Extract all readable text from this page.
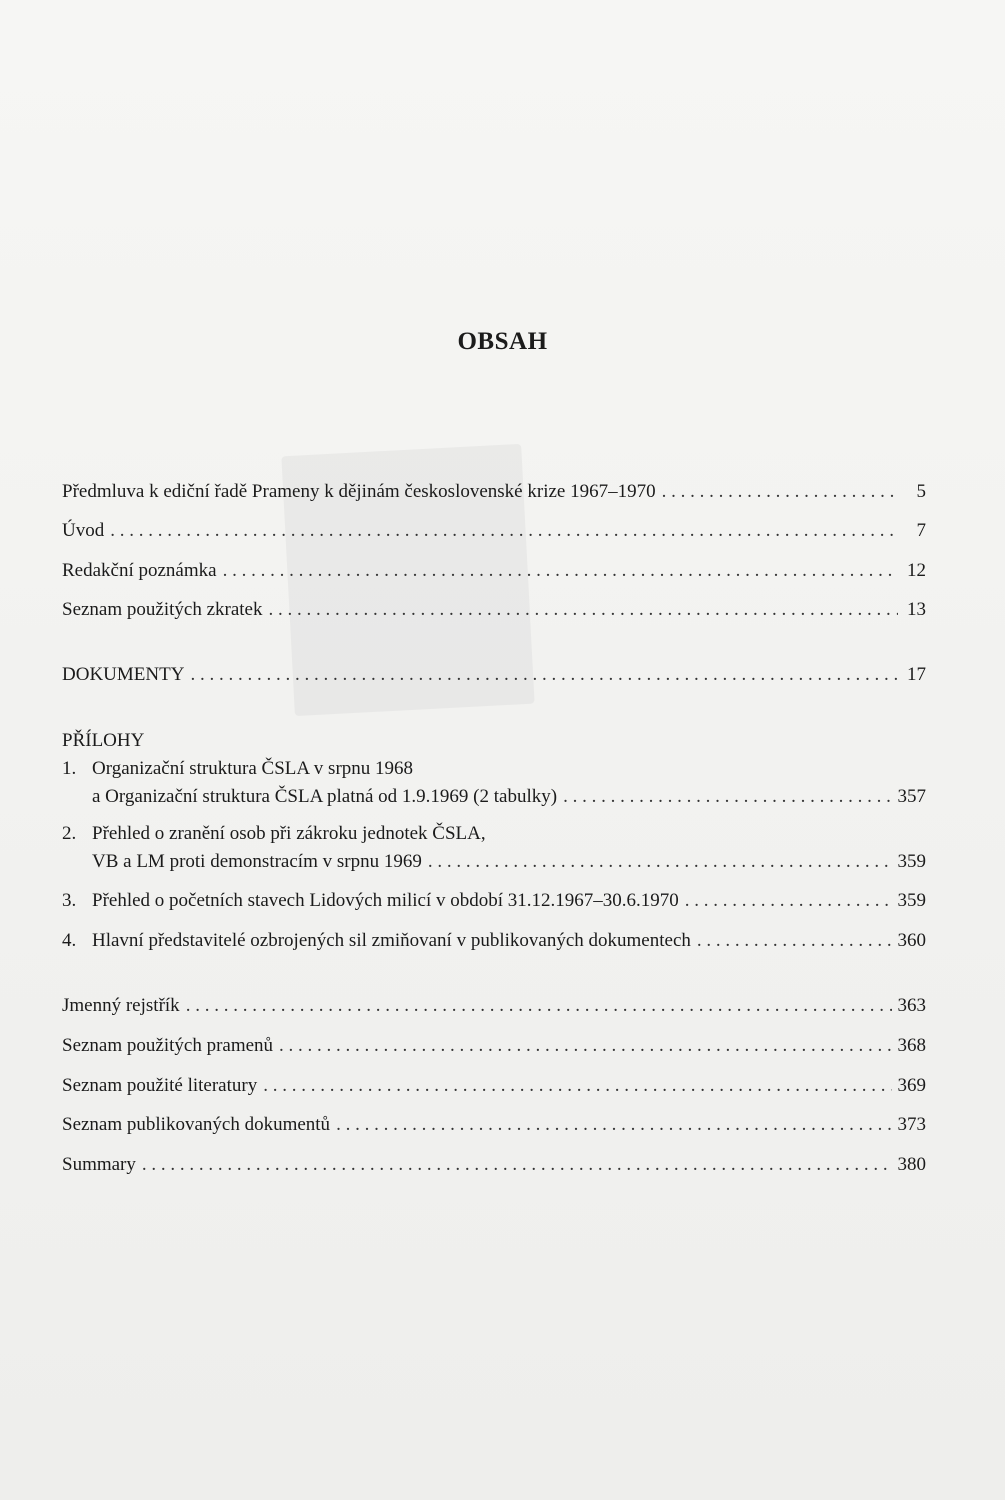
OBSAH
Předmluva k ediční řadě Prameny k dějinám československé krize 1967–1970 . . .	5
Úvod . . .	7
Redakční poznámka . . .	12
Seznam použitých zkratek . . .	13
DOKUMENTY . . .	17
PŘÍLOHY
1. Organizační struktura ČSLA v srpnu 1968
a Organizační struktura ČSLA platná od 1.9.1969 (2 tabulky) . . .	357
2. Přehled o zranění osob při zákroku jednotek ČSLA,
VB a LM proti demonstracím v srpnu 1969 . . .	359
3. Přehled o početních stavech Lidových milicí v období 31.12.1967–30.6.1970 . . .	359
4. Hlavní představitelé ozbrojených sil zmiňovaní v publikovaných dokumentech . . .	360
Jmenný rejstřík . . .	363
Seznam použitých pramenů . . .	368
Seznam použité literatury . . .	369
Seznam publikovaných dokumentů . . .	373
Summary . . .	380
